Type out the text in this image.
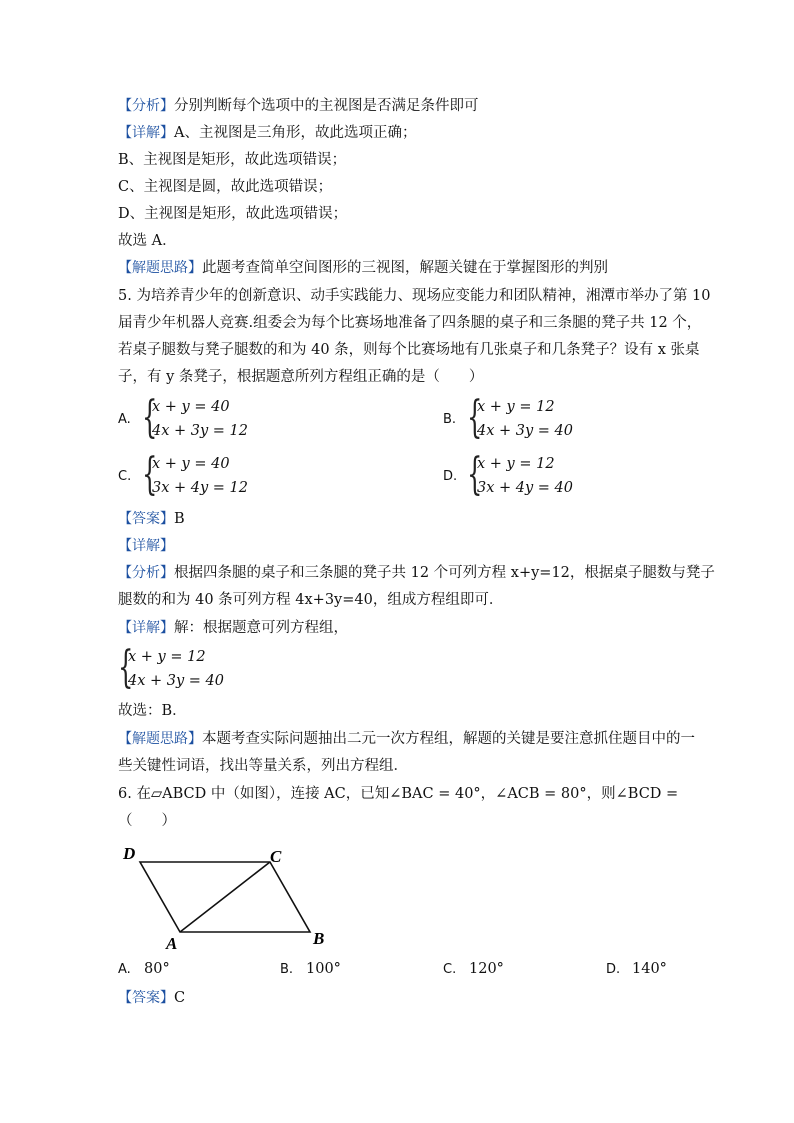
【分析】分别判断每个选项中的主视图是否满足条件即可
【详解】A、主视图是三角形，故此选项正确；
B、主视图是矩形，故此选项错误；
C、主视图是圆，故此选项错误；
D、主视图是矩形，故此选项错误；
故选 A．
【解题思路】此题考查简单空间图形的三视图，解题关键在于掌握图形的判别
5. 为培养青少年的创新意识、动手实践能力、现场应变能力和团队精神，湘潭市举办了第 10
届青少年机器人竞赛.组委会为每个比赛场地准备了四条腿的桌子和三条腿的凳子共 12 个，
若桌子腿数与凳子腿数的和为 40 条，则每个比赛场地有几张桌子和几条凳子？设有 x 张桌
子，有 y 条凳子，根据题意所列方程组正确的是（　　）
A. {
x + y = 40
4x + 3y = 12
B. {
x + y = 12
4x + 3y = 40
C. {
x + y = 40
3x + 4y = 12
D. {
x + y = 12
3x + 4y = 40
【答案】B
【详解】
【分析】根据四条腿的桌子和三条腿的凳子共 12 个可列方程 x+y=12，根据桌子腿数与凳子
腿数的和为 40 条可列方程 4x+3y=40，组成方程组即可．
【详解】解：根据题意可列方程组，
{
x + y = 12
4x + 3y = 40
故选：B．
【解题思路】本题考查实际问题抽出二元一次方程组，解题的关键是要注意抓住题目中的一
些关键性词语，找出等量关系，列出方程组．
6. 在▱ABCD 中（如图），连接 AC，已知∠BAC = 40°，∠ACB = 80°，则∠BCD =
（　　）
D	C
A	B
A. 80°	B. 100°	C. 120°	D. 140°
【答案】C
